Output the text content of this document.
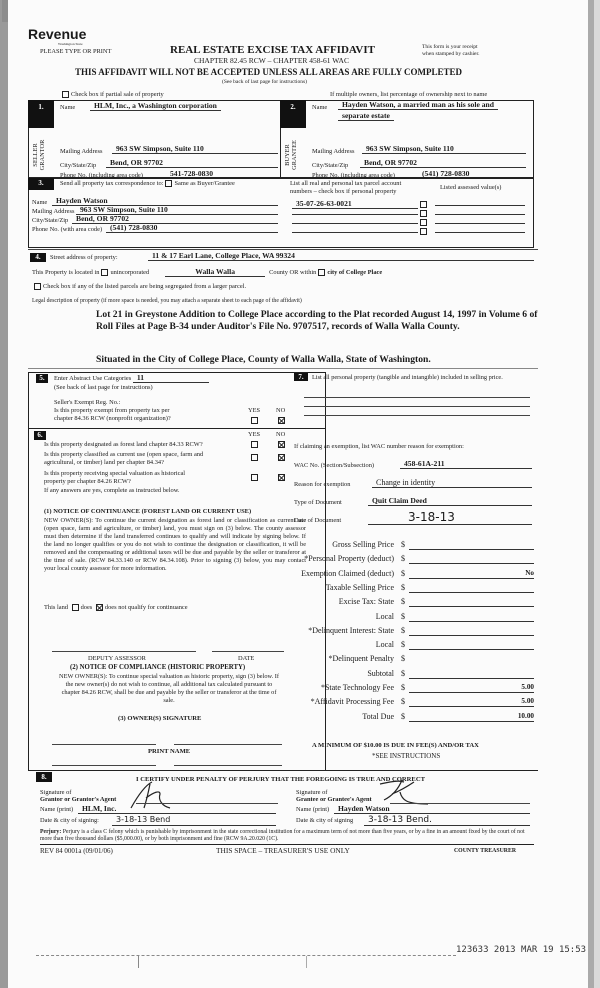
Revenue
Washington State
PLEASE TYPE OR PRINT	REAL ESTATE EXCISE TAX AFFIDAVIT
CHAPTER 82.45 RCW – CHAPTER 458-61 WAC
THIS AFFIDAVIT WILL NOT BE ACCEPTED UNLESS ALL AREAS ARE FULLY COMPLETED
(See back of last page for instructions)
This form is your receipt
when stamped by cashier.
Check box if partial sale of property	If multiple owners, list percentage of ownership next to name
1.
SELLER GRANTOR
Name	HLM, Inc., a Washington corporation
Mailing Address	963 SW Simpson, Suite 110
City/State/Zip	Bend, OR 97702
Phone No. (including area code)	541-728-0830
2.
BUYER GRANTEE
Name	Hayden Watson, a married man as his sole and
separate estate
Mailing Address	963 SW Simpson, Suite 110
City/State/Zip	Bend, OR 97702
Phone No. (including area code)	(541) 728-0830
3.	Send all property tax correspondence to: Same as Buyer/Grantee	List all real and personal tax parcel account
numbers – check box if personal property
Listed assessed value(s)
Name	Hayden Watson
Mailing Address 963 SW Simpson, Suite 110
City/State/Zip	Bend, OR 97702
Phone No. (with area code)	(541) 728-0830
35-07-26-63-0021
4.	Street address of property:	11 & 17 Earl Lane, College Place, WA 99324
This Property is located in unincorporated	Walla Walla	County OR within city of College Place
Check box if any of the listed parcels are being segregated from a larger parcel.
Legal description of property (if more space is needed, you may attach a separate sheet to each page of the affidavit)
Lot 21 in Greystone Addition to College Place according to the Plat recorded August 14, 1997 in Volume 6 of Roll Files at Page B-34 under Auditor's File No. 9707517, records of Walla Walla County.
Situated in the City of College Place, County of Walla Walla, State of Washington.
5.	Enter Abstract Use Categories 11
(See back of last page for instructions)
Seller's Exempt Reg. No.:
Is this property exempt from property tax per
chapter 84.36 RCW (nonprofit organization)?
YES NO
6.	YES NO
Is this property designated as forest land chapter 84.33 RCW?
Is this property classified as current use (open space, farm and
agricultural, or timber) land per chapter 84.34?
Is this property receiving special valuation as historical
property per chapter 84.26 RCW?
If any answers are yes, complete as instructed below.
(1) NOTICE OF CONTINUANCE (FOREST LAND OR CURRENT USE)
NEW OWNER(S): To continue the current designation as forest land or classification as current use (open space, farm and agriculture, or timber) land, you must sign on (3) below. The county assessor must then determine if the land transferred continues to qualify and will indicate by signing below. If the land no longer qualifies or you do not wish to continue the designation or classification, it will be removed and the compensating or additional taxes will be due and payable by the seller or transferor at the time of sale. (RCW 84.33.140 or RCW 84.34.108). Prior to signing (3) below, you may contact your local county assessor for more information.
This land does does not qualify for continuance
DEPUTY ASSESSOR	DATE
(2) NOTICE OF COMPLIANCE (HISTORIC PROPERTY)
NEW OWNER(S): To continue special valuation as historic property, sign (3) below. If the new owner(s) do not wish to continue, all additional tax calculated pursuant to chapter 84.26 RCW, shall be due and payable by the seller or transferor at the time of sale.
(3) OWNER(S) SIGNATURE
PRINT NAME
7.	List all personal property (tangible and intangible) included in selling price.
If claiming an exemption, list WAC number reason for exemption:
WAC No. (Section/Subsection)	458-61A-211
Reason for exemption	Change in identity
Type of Document	Quit Claim Deed
Date of Document	3-18-13
Gross Selling Price $
*Personal Property (deduct) $
Exemption Claimed (deduct) $	No
Taxable Selling Price $
Excise Tax: State $
Local $
*Delinquent Interest: State $
Local $
*Delinquent Penalty $
Subtotal $
*State Technology Fee $	5.00
*Affidavit Processing Fee $	5.00
Total Due $	10.00
A MINIMUM OF $10.00 IS DUE IN FEE(S) AND/OR TAX
*SEE INSTRUCTIONS
8.	I CERTIFY UNDER PENALTY OF PERJURY THAT THE FOREGOING IS TRUE AND CORRECT
Signature of
Grantor or Grantor's Agent
Name (print)	HLM, Inc.
Date & city of signing:	3-18-13 Bend
Signature of
Grantee or Grantee's Agent
Name (print)	Hayden Watson
Date & city of signing	3-18-13 Bend.
Perjury: Perjury is a class C felony which is punishable by imprisonment in the state correctional institution for a maximum term of not more than five years, or by a fine in an amount fixed by the court of not more than five thousand dollars ($5,000.00), or by both imprisonment and fine (RCW 9A.20.020 (1C).
REV 84 0001a (09/01/06)	THIS SPACE – TREASURER'S USE ONLY	COUNTY TREASURER
123633 2013 MAR 19 15:53
